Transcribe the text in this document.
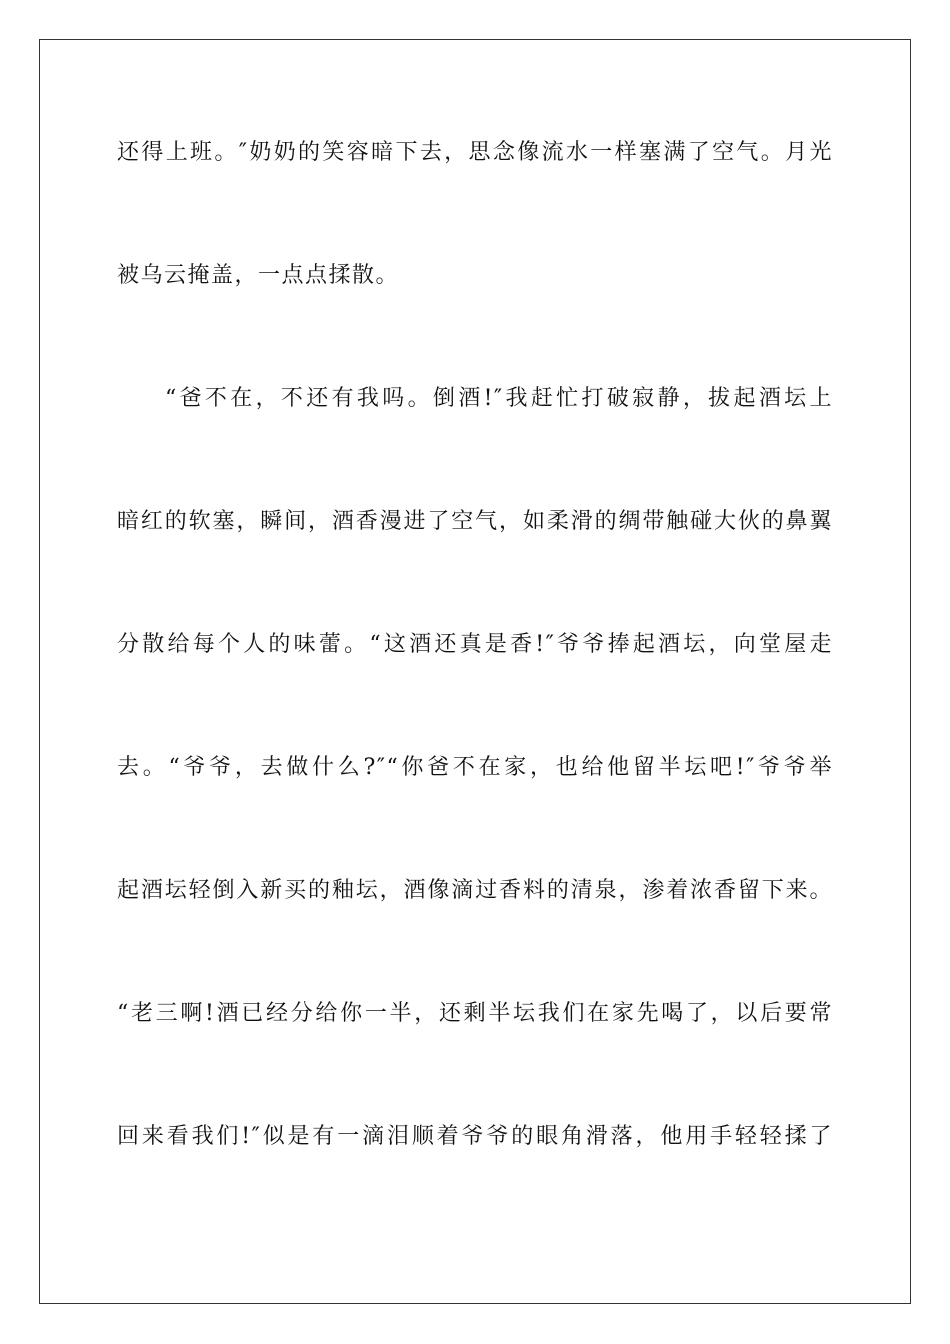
还得上班。″奶奶的笑容暗下去，思念像流水一样塞满了空气。月光
被乌云掩盖，一点点揉散。
“爸不在，不还有我吗。倒酒!″我赶忙打破寂静，拔起酒坛上
暗红的软塞，瞬间，酒香漫进了空气，如柔滑的绸带触碰大伙的鼻翼
分散给每个人的味蕾。“这酒还真是香!″爷爷捧起酒坛，向堂屋走
去。“爷爷，去做什么?″“你爸不在家，也给他留半坛吧!″爷爷举
起酒坛轻倒入新买的釉坛，酒像滴过香料的清泉，渗着浓香留下来。
“老三啊!酒已经分给你一半，还剩半坛我们在家先喝了，以后要常
回来看我们!″似是有一滴泪顺着爷爷的眼角滑落，他用手轻轻揉了
